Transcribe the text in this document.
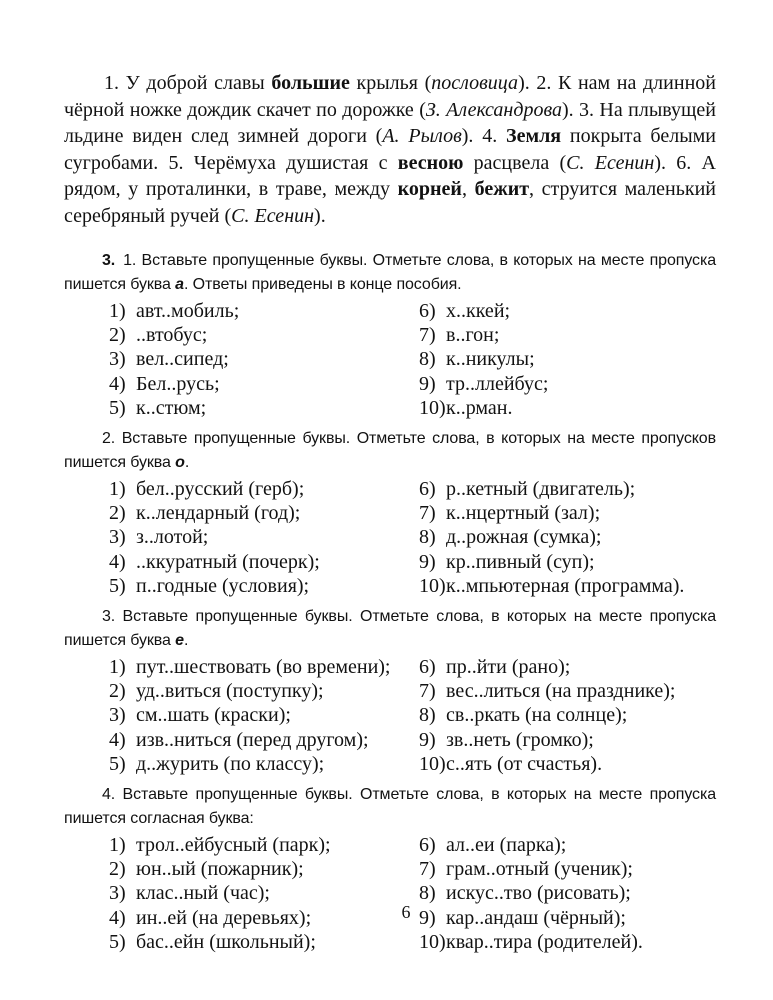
1. У доброй славы большие крылья (пословица). 2. К нам на длинной чёрной ножке дождик скачет по дорожке (З. Александрова). 3. На плывущей льдине виден след зимней дороги (А. Рылов). 4. Земля покрыта белыми сугробами. 5. Черёмуха душистая с весною расцвела (С. Есенин). 6. А рядом, у проталинки, в траве, между корней, бежит, струится маленький серебряный ручей (С. Есенин).

3.  1. Вставьте пропущенные буквы. Отметьте слова, в которых на месте пропуска пишется буква а. Ответы приведены в конце пособия.

1) авт..мобиль;
2) ..втобус;
3) вел..сипед;
4) Бел..русь;
5) к..стюм;
6) х..ккей;
7) в..гон;
8) к..никулы;
9) тр..ллейбус;
10)к..рман.

2. Вставьте пропущенные буквы. Отметьте слова, в которых на месте пропусков пишется буква о.

1) бел..русский (герб);
2) к..лендарный (год);
3) з..лотой;
4) ..ккуратный (почерк);
5) п..годные (условия);
6) р..кетный (двигатель);
7) к..нцертный (зал);
8) д..рожная (сумка);
9) кр..пивный (суп);
10)к..мпьютерная (программа).

3. Вставьте пропущенные буквы. Отметьте слова, в которых на месте пропуска пишется буква е.

1) пут..шествовать (во времени);
2) уд..виться (поступку);
3) см..шать (краски);
4) изв..ниться (перед другом);
5) д..журить (по классу);
6) пр..йти (рано);
7) вес..литься (на празднике);
8) св..ркать (на солнце);
9) зв..неть (громко);
10)с..ять (от счастья).

4. Вставьте пропущенные буквы. Отметьте слова, в которых на месте пропуска пишется согласная буква:

1) трол..ейбусный (парк);
2) юн..ый (пожарник);
3) клас..ный (час);
4) ин..ей (на деревьях);
5) бас..ейн (школьный);
6) ал..еи (парка);
7) грам..отный (ученик);
8) искус..тво (рисовать);
9) кар..андаш (чёрный);
10)квар..тира (родителей).
6
